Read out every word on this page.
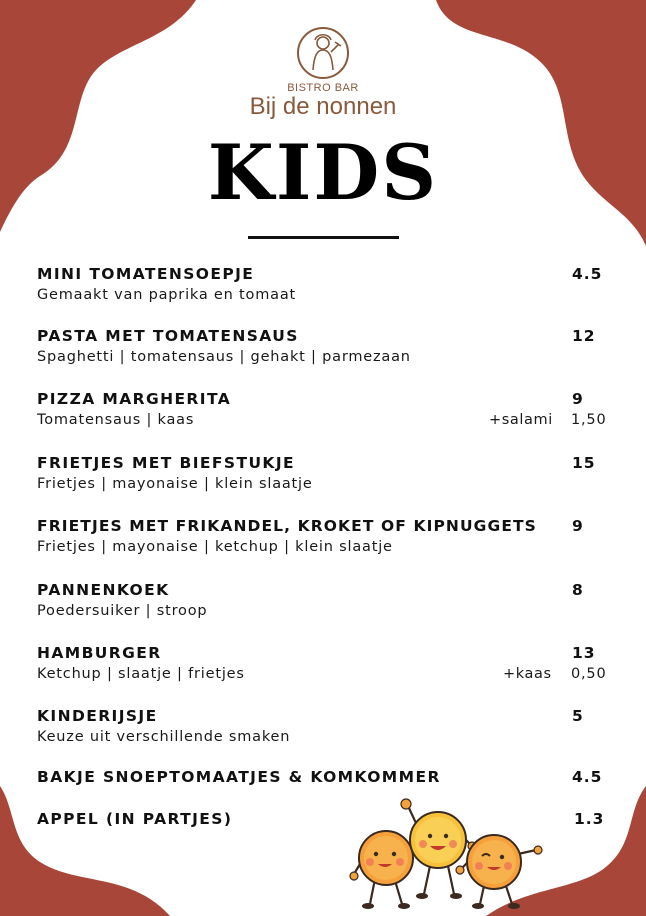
BISTRO BAR
Bij de nonnen
KIDS
MINI TOMATENSOEPJE	4.5
Gemaakt van paprika en tomaat
PASTA MET TOMATENSAUS	12
Spaghetti | tomatensaus | gehakt | parmezaan
PIZZA MARGHERITA	9
Tomatensaus | kaas	+salami 1,50
FRIETJES MET BIEFSTUKJE	15
Frietjes | mayonaise | klein slaatje
FRIETJES MET FRIKANDEL, KROKET OF KIPNUGGETS 9
Frietjes | mayonaise | ketchup | klein slaatje
PANNENKOEK	8
Poedersuiker | stroop
HAMBURGER	13
Ketchup | slaatje | frietjes	+kaas 0,50
KINDERIJSJE	5
Keuze uit verschillende smaken
BAKJE SNOEPTOMAATJES & KOMKOMMER	4.5
APPEL (IN PARTJES)	1.3
